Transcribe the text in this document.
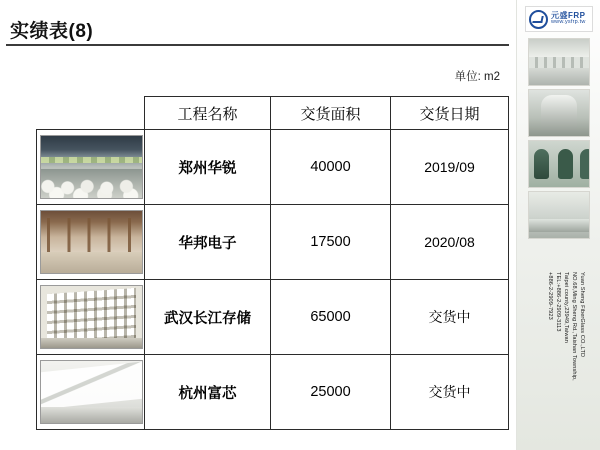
实绩表(8)
单位: m2
	工程名称	交货面积	交货日期

	郑州华锐	40000	2019/09

	华邦电子	17500	2020/08

	武汉长江存储	65000	交货中

	杭州富芯	25000	交货中
元盛FRP
www.ysfrp.tw
Yuan Sheng FiberGlass CO.,LTD
NO.68,Ming Sheng Rd.,Taishan Township,
Taipei county,23949,Taiwan
TEL:+886-2-2909-3113
+886-2-2909-7923
